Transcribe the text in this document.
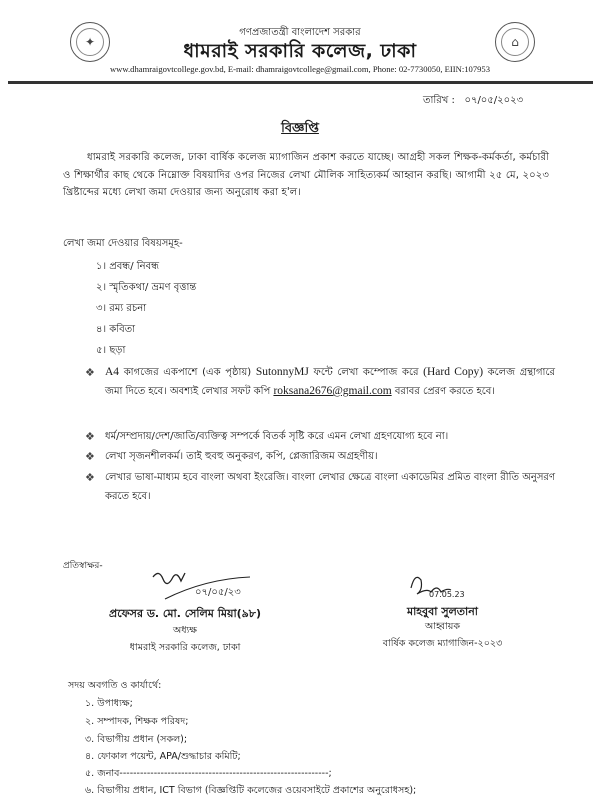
✦	⌂
গণপ্রজাতন্ত্রী বাংলাদেশ সরকার
ধামরাই সরকারি কলেজ, ঢাকা
www.dhamraigovtcollege.gov.bd, E-mail: dhamraigovtcollege@gmail.com, Phone: 02-7730050, EIIN:107953
তারিখ : ০৭/০৫/২০২৩
বিজ্ঞপ্তি
ধামরাই সরকারি কলেজ, ঢাকা বার্ষিক কলেজ ম্যাগাজিন প্রকাশ করতে যাচ্ছে। আগ্রহী সকল শিক্ষক-কর্মকর্তা, কর্মচারী ও শিক্ষার্থীর কাছ থেকে নিম্নোক্ত বিষয়াদির ওপর নিজের লেখা মৌলিক সাহিত্যকর্ম আহ্বান করছি। আগামী ২৫ মে, ২০২৩ খ্রিষ্টাব্দের মধ্যে লেখা জমা দেওয়ার জন্য অনুরোধ করা হ'ল।
লেখা জমা দেওয়ার বিষয়সমূহ-
১। প্রবন্ধ/ নিবন্ধ
২। স্মৃতিকথা/ ভ্রমণ বৃত্তান্ত
৩। রম্য রচনা
৪। কবিতা
৫। ছড়া
❖ A4 কাগজের একপাশে (এক পৃষ্ঠায়) SutonnyMJ ফন্টে লেখা কম্পোজ করে (Hard Copy) কলেজ গ্রন্থাগারে জমা দিতে হবে। অবশ্যই লেখার সফট কপি roksana2676@gmail.com বরাবর প্রেরণ করতে হবে।
❖ ধর্ম/সম্প্রদায়/দেশ/জাতি/ব্যক্তিত্ব সম্পর্কে বিতর্ক সৃষ্টি করে এমন লেখা গ্রহণযোগ্য হবে না।
❖ লেখা সৃজনশীলকর্ম। তাই হুবহু অনুকরণ, কপি, প্লেজারিজম অগ্রহণীয়।
❖ লেখার ভাষা-মাধ্যম হবে বাংলা অথবা ইংরেজি। বাংলা লেখার ক্ষেত্রে বাংলা একাডেমির প্রমিত বাংলা রীতি অনুসরণ করতে হবে।
প্রতিস্বাক্ষর-
০৭/০৫/২৩
প্রফেসর ড. মো. সেলিম মিয়া(৯৮)
অধ্যক্ষ
ধামরাই সরকারি কলেজ, ঢাকা
07.05.23
মাহবুবা সুলতানা
আহ্বায়ক
বার্ষিক কলেজ ম্যাগাজিন-২০২৩
সদয় অবগতি ও কার্যার্থে:
১. উপাধ্যক্ষ;
২. সম্পাদক, শিক্ষক পরিষদ;
৩. বিভাগীয় প্রধান (সকল);
৪. ফোকাল পয়েন্ট, APA/শুদ্ধাচার কমিটি;
৫. জনাব-------------------------------------------------------------;
৬. বিভাগীয় প্রধান, ICT বিভাগ (বিজ্ঞপ্তিটি কলেজের ওয়েবসাইটে প্রকাশের অনুরোধসহ);
